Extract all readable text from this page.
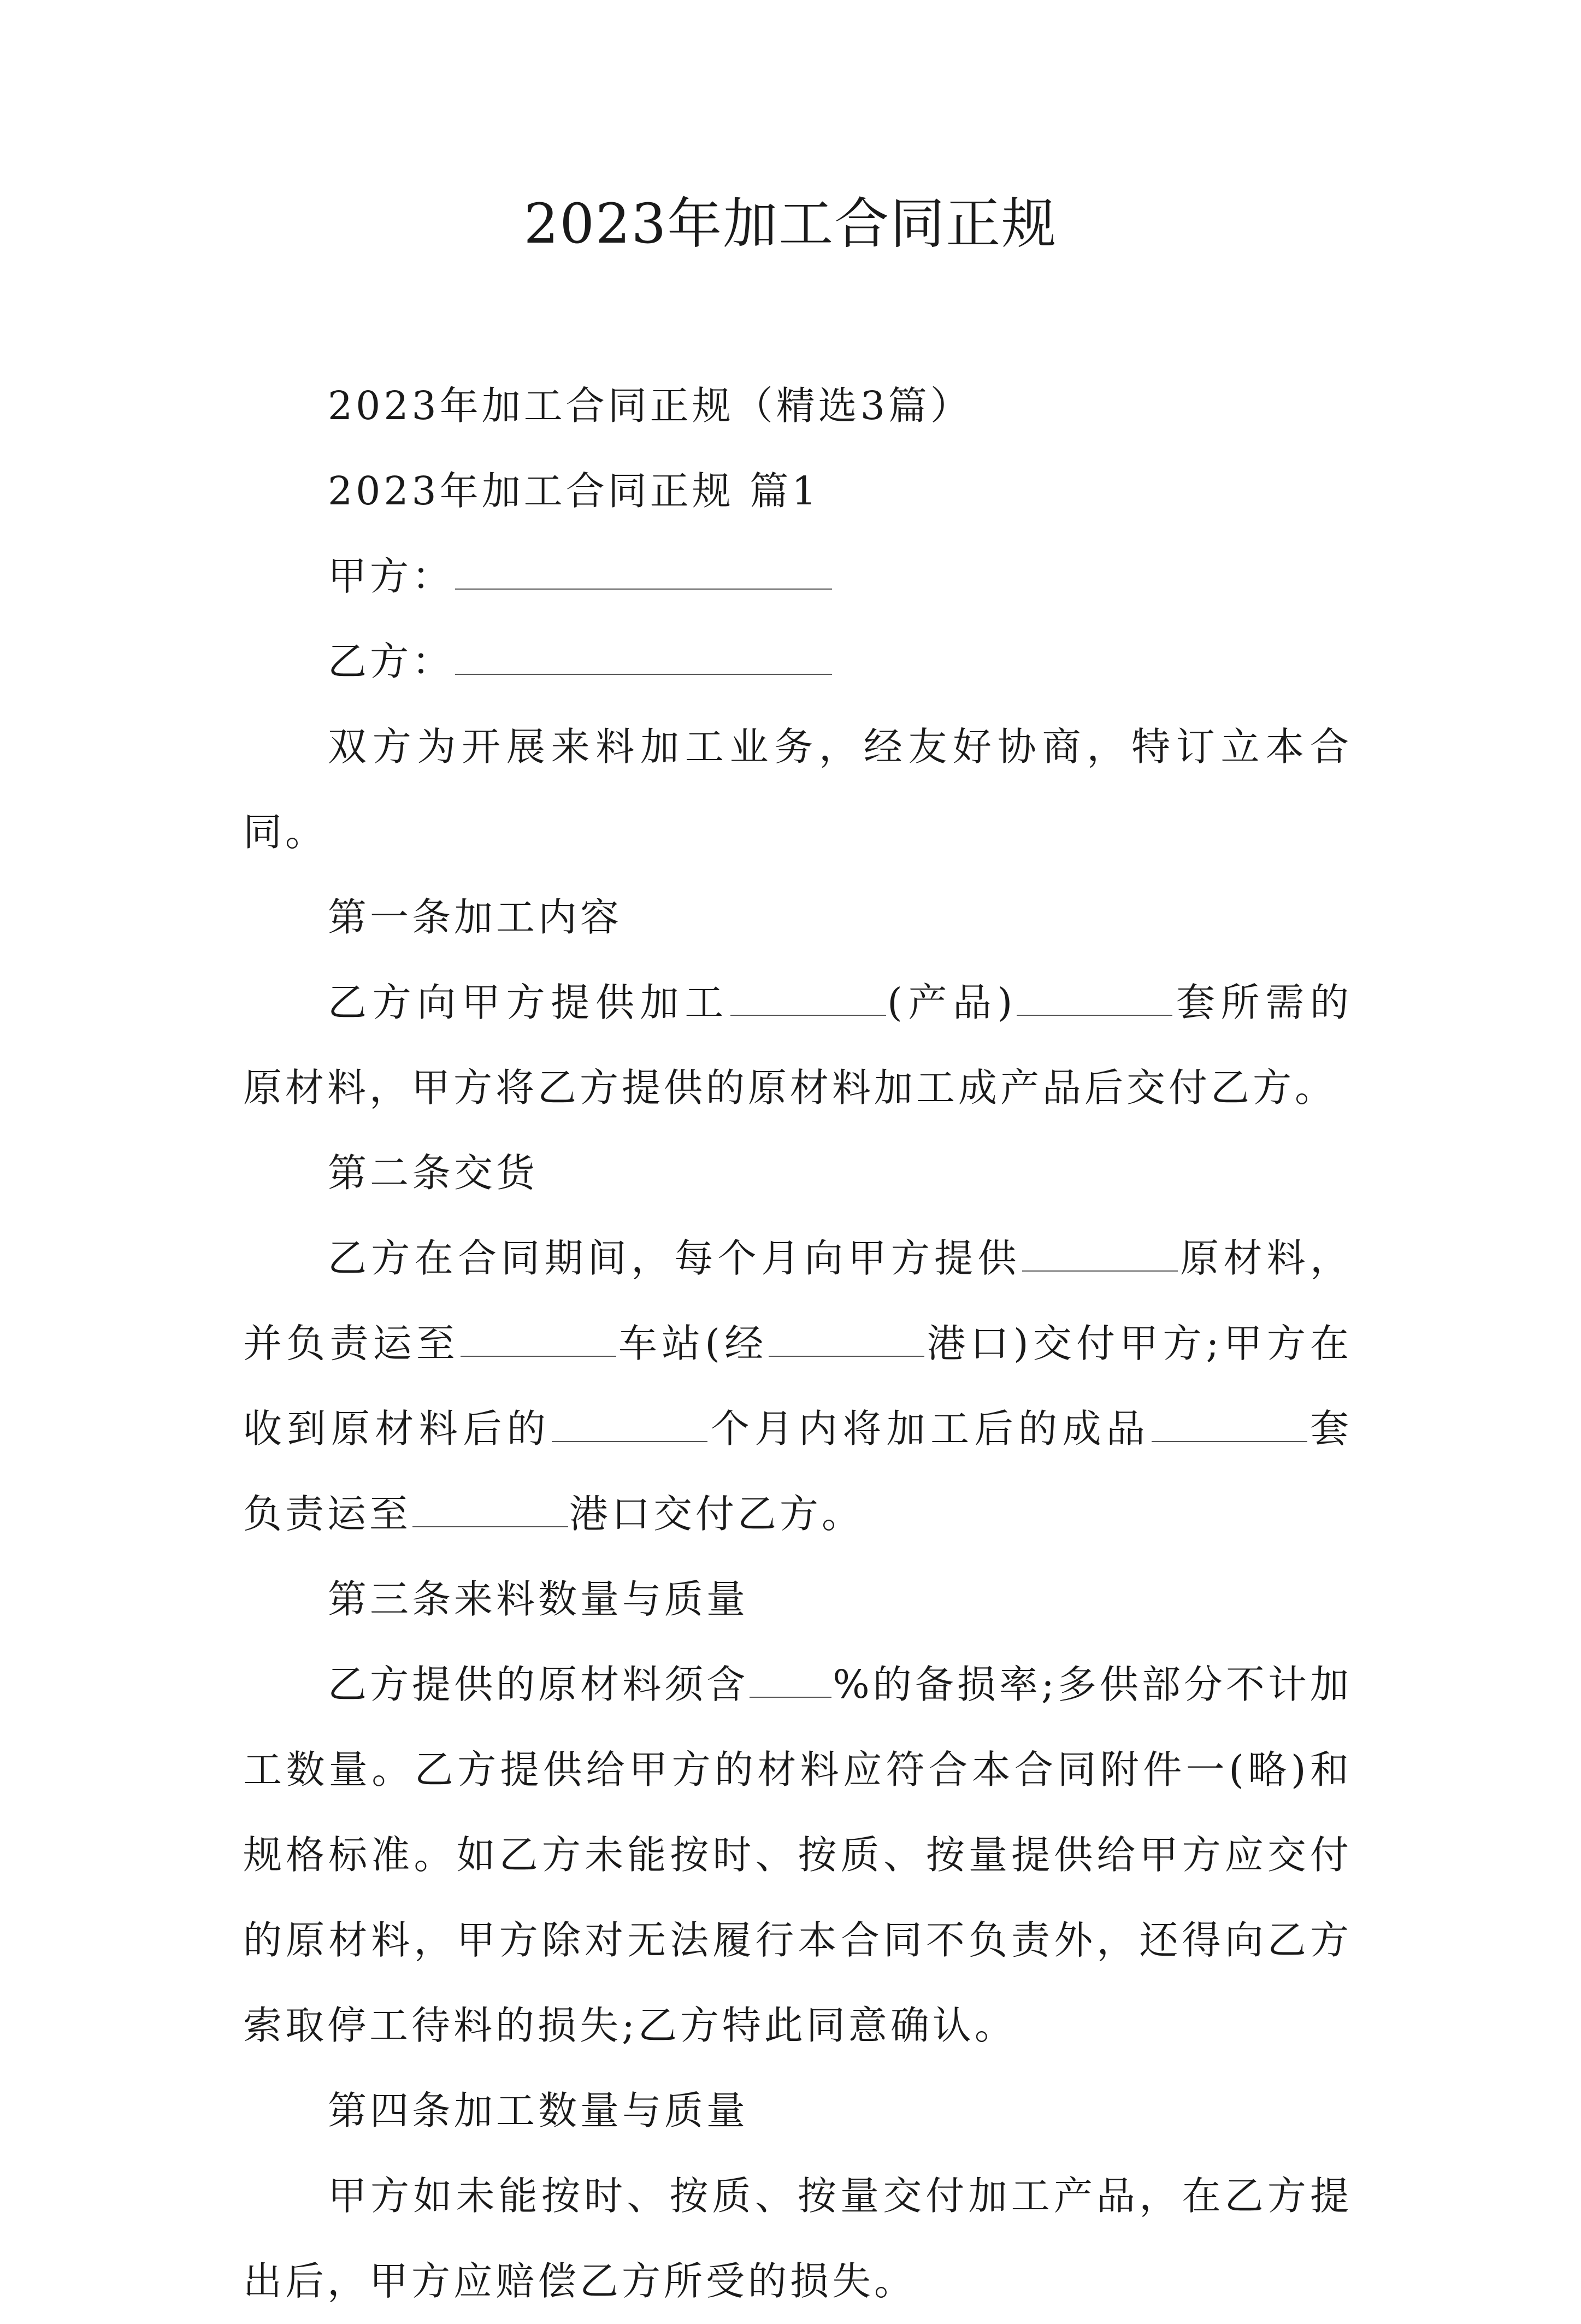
2023年加工合同正规

2023年加工合同正规（精选3篇）

2023年加工合同正规 篇1

甲方：

乙方：

双方为开展来料加工业务，经友好协商，特订立本合同。

第一条加工内容

乙方向甲方提供加工	(产品)	套所需的原材料，甲方将乙方提供的原材料加工成产品后交付乙方。

第二条交货

乙方在合同期间，每个月向甲方提供	原材料，并负责运至	车站(经	港口)交付甲方;甲方在收到原材料后的	个月内将加工后的成品	套负责运至	港口交付乙方。

第三条来料数量与质量

乙方提供的原材料须含 %的备损率;多供部分不计加工数量。乙方提供给甲方的材料应符合本合同附件一(略)和规格标准。如乙方未能按时、按质、按量提供给甲方应交付的原材料，甲方除对无法履行本合同不负责外，还得向乙方索取停工待料的损失;乙方特此同意确认。

第四条加工数量与质量

甲方如未能按时、按质、按量交付加工产品，在乙方提出后，甲方应赔偿乙方所受的损失。
